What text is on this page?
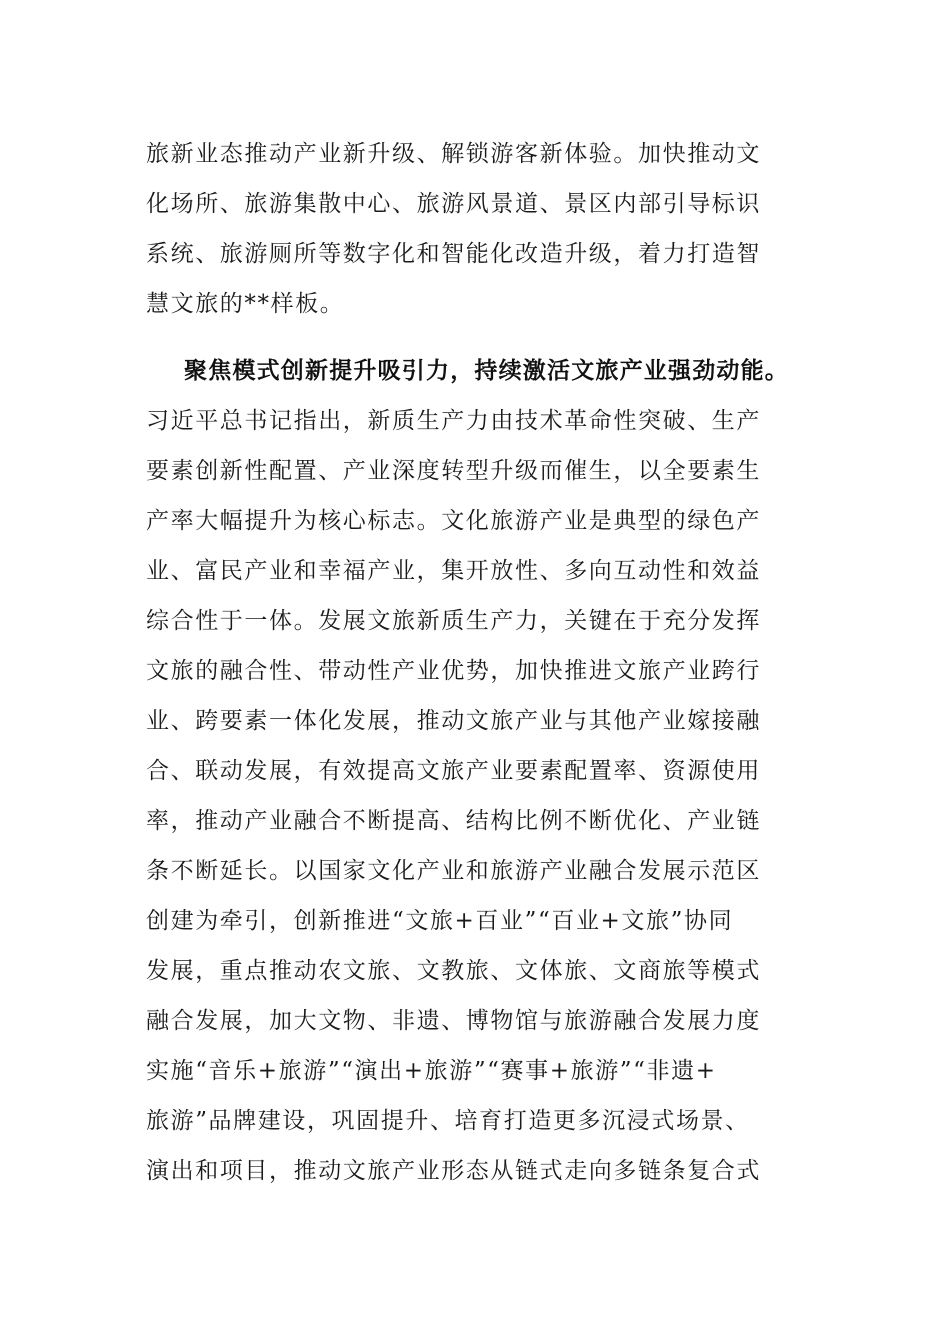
旅新业态推动产业新升级、解锁游客新体验。加快推动文
化场所、旅游集散中心、旅游风景道、景区内部引导标识
系统、旅游厕所等数字化和智能化改造升级，着力打造智
慧文旅的**样板。
聚焦模式创新提升吸引力，持续激活文旅产业强劲动能。
习近平总书记指出，新质生产力由技术革命性突破、生产
要素创新性配置、产业深度转型升级而催生，以全要素生
产率大幅提升为核心标志。文化旅游产业是典型的绿色产
业、富民产业和幸福产业，集开放性、多向互动性和效益
综合性于一体。发展文旅新质生产力，关键在于充分发挥
文旅的融合性、带动性产业优势，加快推进文旅产业跨行
业、跨要素一体化发展，推动文旅产业与其他产业嫁接融
合、联动发展，有效提高文旅产业要素配置率、资源使用
率，推动产业融合不断提高、结构比例不断优化、产业链
条不断延长。以国家文化产业和旅游产业融合发展示范区
创建为牵引，创新推进“文旅+百业”“百业+文旅”协同
发展，重点推动农文旅、文教旅、文体旅、文商旅等模式
融合发展，加大文物、非遗、博物馆与旅游融合发展力度
实施“音乐+旅游”“演出+旅游”“赛事+旅游”“非遗+
旅游”品牌建设，巩固提升、培育打造更多沉浸式场景、
演出和项目，推动文旅产业形态从链式走向多链条复合式
